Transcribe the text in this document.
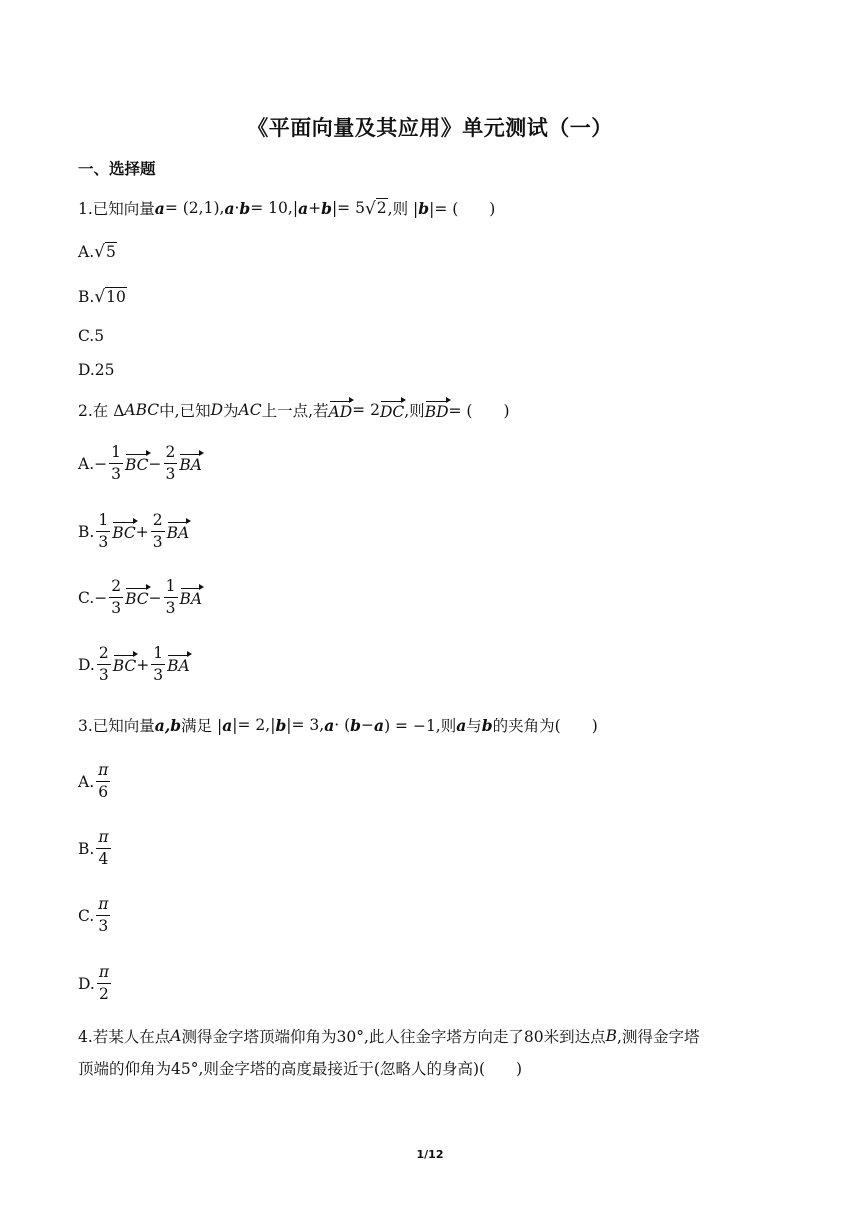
《平面向量及其应用》单元测试（一）
一、选择题
1.已知向量 a = (2,1), a · b = 10,| a + b |= 5 √ 2 ,则 | b |= (　　)
A. √ 5
B. √ 10
C.5
D.25
2.在 Δ ABC 中,已知 D 为 AC 上一点,若 AD = 2 DC ,则 BD = (　　)
A. − $\frac{1}{3}$ BC − $\frac{2}{3}$ BA
B. $\frac{1}{3}$ BC + $\frac{2}{3}$ BA
C. − $\frac{2}{3}$ BC − $\frac{1}{3}$ BA
D. $\frac{2}{3}$ BC + $\frac{1}{3}$ BA
3.已知向量 a,b 满足 | a |= 2,| b |= 3, a · ( b − a ) = −1,则 a 与 b 的夹角为(　　)
A. $\frac{\pi}{6}$
B. $\frac{\pi}{4}$
C. $\frac{\pi}{3}$
D. $\frac{\pi}{2}$
4.若某人在点 A 测得金字塔顶端仰角为30°,此人往金字塔方向走了80米到达点 B ,测得金字塔
顶端的仰角为45°,则金字塔的高度最接近于(忽略人的身高)(　　)
1/12
